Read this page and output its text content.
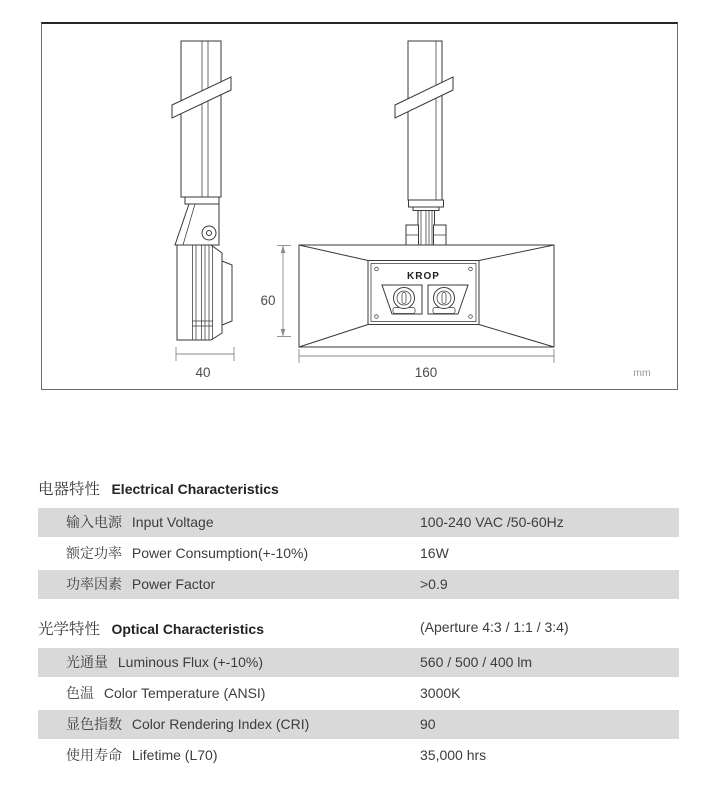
KROP
60
40	160	mm
电器特性 Electrical Characteristics
输入电源 Input Voltage	100-240 VAC /50-60Hz
额定功率 Power Consumption(+-10%)	16W
功率因素 Power Factor	>0.9
光学特性 Optical Characteristics	(Aperture 4:3 / 1:1 / 3:4)
光通量 Luminous Flux (+-10%)	560 / 500 / 400 lm
色温 Color Temperature (ANSI)	3000K
显色指数 Color Rendering Index (CRI)	90
使用寿命 Lifetime (L70)	35,000 hrs
